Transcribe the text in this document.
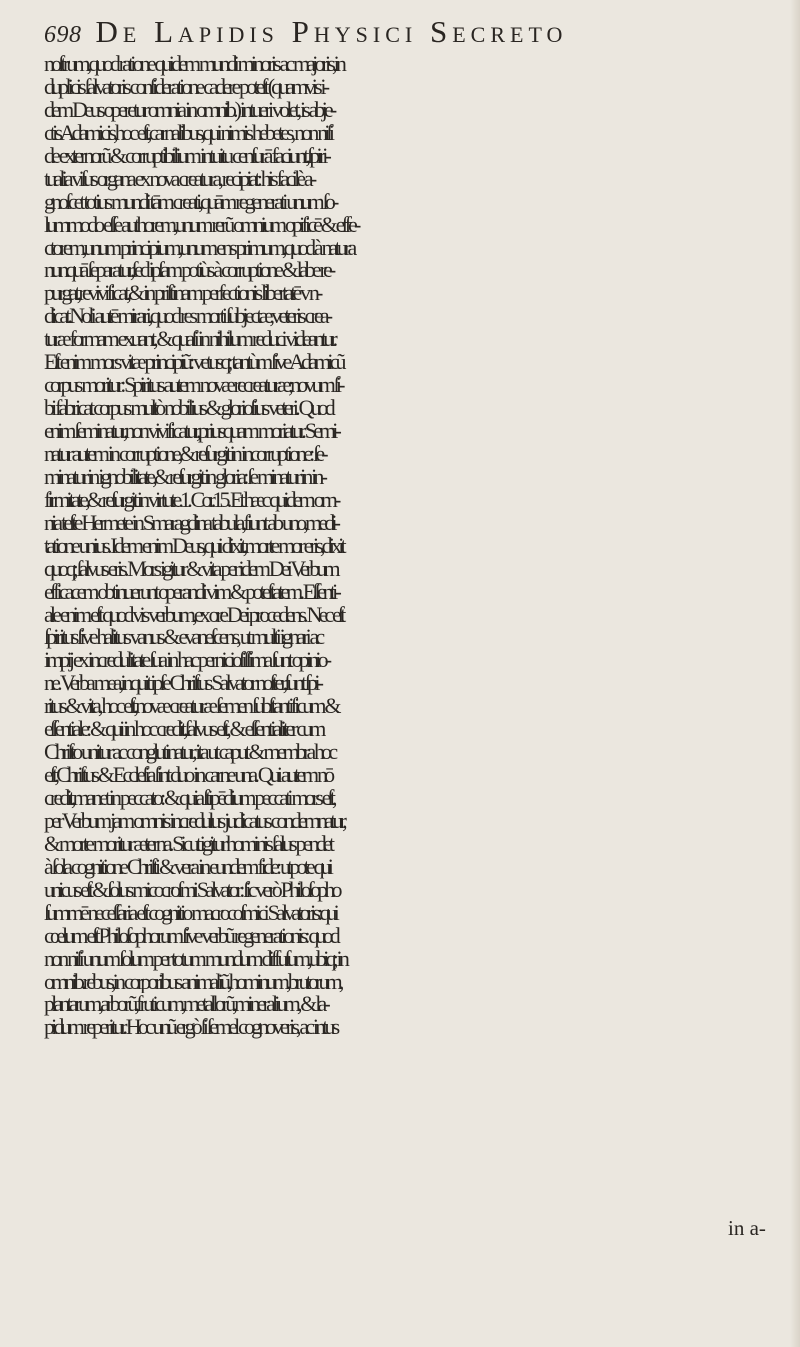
698 De Lapidis Physici Secreto
noſtrum,quod ratione quidem mundi minoris ac majoris,in
duplicis ſalvatoris conſideratione cadere poteſt (quamvis i-
dem Deus operetur omnia in omnib.) intueri volet, is abje-
ctis Adamicis,hoc eſt,carnalibus,qui nimis hebetes, non niſi
de externorũ & corruptibilium intuitu cenſurā faciunt,ſpiri-
tualia viſus organa ex nova creatura, recipiat: his facilè a-
gnoſcet totius mundi tām creati,quām regenerati unum ſo-
lummodo eſſe authorem,unum rerũ omnium opificē & effe-
ctorem,unum principium,unum ens primum,quod à natura
nunquā ſeparatur,ſed ipſam potiùs à corruptione & labe re-
purgat,revivificat,& in priſtinam perfectionis libertatē v n-
dicat.Noli autē mirari,quod res morti ſubjectæ,veteris crea-
turæ formam exuant, & quaſi in nihilum reduci videantur.
Eſt enim mors vitæ principiũ: vetusq; tantùm ſive Adamicũ
corpus moritur: Spiritus autem novæ recreaturæ;novum ſi-
bi fabricat corpus multò nobilius & glorioſius veteri. Quod
enim ſeminatur,non vivificatur,priusquam moriatur. Semi-
natur autem in corruptione,& reſurgit in incorruptione: ſe-
minatur in ignobilitate,& reſurgit in gloria: ſe minatur in in-
firmitate,& reſurgit in virtute.1. Cor.15. Et hæc quidem om-
nia teſte Hermete in Smaragdina tabula,fiunt ab uno,medi-
tatione unius. Idem enim Deus,qui dixit,morte mor eris,dixit
quoq; ſalvus eris. Mors igitur & vita per idem Dei Verbum
efficacem obtinuerunt operandi vim & poteſtatem. Eſſenti-
ale enim eſt quod vis verbum,ex ore Dei procedens. Nec eſt
ſpiritus ſive halitus vanus & evaneſcens, ut multi ignari ac
impij ex incredulitate ſua in hac pernicioſiſſima ſunt opinio-
ne. Verba mea,inquit ipſe Chriſtus Salvator noſter,ſunt ſpi-
ritus & vita, hoc eſt,novæ creaturæ ſemen ſubſtantificum &
eſſentiale: & qui in hoc credit,ſalvus eſt, & eſſentialiter cum
Chriſto unitur ac conglutinatur, ita ut caput & membra hoc
eſt,Chriſtus & Eccleſia ſint duo in carne una. Qui autem nō
credit,manet in peccato: & quia ſtipēdium peccati mors eſt,
per Verbum jam omnis incredulus judicatus condemnatur,
& morte moritur æterna. Sicut igitur hominis ſalus pendet
à ſola cognitione Chriſti & vera in eundem fide: utpote qui
unicus eſt & ſolus micocroſmi Salvator: ſic verò Philoſopho
ſummē neceſſaria eſt cognitio macrocoſmici Salvatoris:qui
cœlum eſt Philoſophorum ſive verbũ regenerationis: quod
non niſi unum ſolum per totum mundum diffuſum,ubiq; in
omnib.rebus,in corporibus animaliũ,hominum,brutorum,
plantarum,arborũ,fruticum,metallorũ,mineralium, & la-
pidum reperitur. Hoc unũ ergò ſi ſemel cognoveris, ac intus
in a-
